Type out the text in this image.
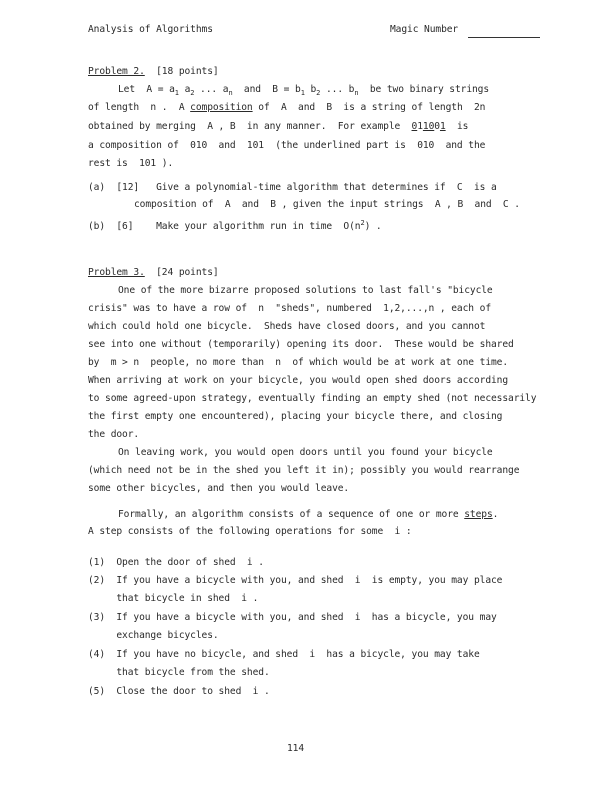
Analysis of Algorithms	Magic Number
Problem 2. [18 points]
Let  $A = a_1$ $a_2$ ... $a_n$  and  $B = b_1$ $b_2$ ... $b_n$  be two binary strings
of length  n .  A composition of  A  and  B  is a string of length  2n
obtained by merging  A , B  in any manner.  For example  011001  is
a composition of  010  and  101  (the underlined part is  010  and the
rest is  101 ).
(a)  [12]   Give a polynomial-time algorithm that determines if  C  is a
composition of  A  and  B , given the input strings  A , B  and  C .
(b)  [6]    Make your algorithm run in time  $O(n^2)$ .
Problem 3. [24 points]
One of the more bizarre proposed solutions to last fall's "bicycle
crisis" was to have a row of  n  "sheds", numbered  1,2,...,n , each of
which could hold one bicycle.  Sheds have closed doors, and you cannot
see into one without (temporarily) opening its door.  These would be shared
by  m > n  people, no more than  n  of which would be at work at one time.
When arriving at work on your bicycle, you would open shed doors according
to some agreed-upon strategy, eventually finding an empty shed (not necessarily
the first empty one encountered), placing your bicycle there, and closing
the door.
On leaving work, you would open doors until you found your bicycle
(which need not be in the shed you left it in); possibly you would rearrange
some other bicycles, and then you would leave.
Formally, an algorithm consists of a sequence of one or more steps.
A step consists of the following operations for some  i :
(1)  Open the door of shed  i .
(2)  If you have a bicycle with you, and shed  i  is empty, you may place
that bicycle in shed  i .
(3)  If you have a bicycle with you, and shed  i  has a bicycle, you may
exchange bicycles.
(4)  If you have no bicycle, and shed  i  has a bicycle, you may take
that bicycle from the shed.
(5)  Close the door to shed  i .
114
